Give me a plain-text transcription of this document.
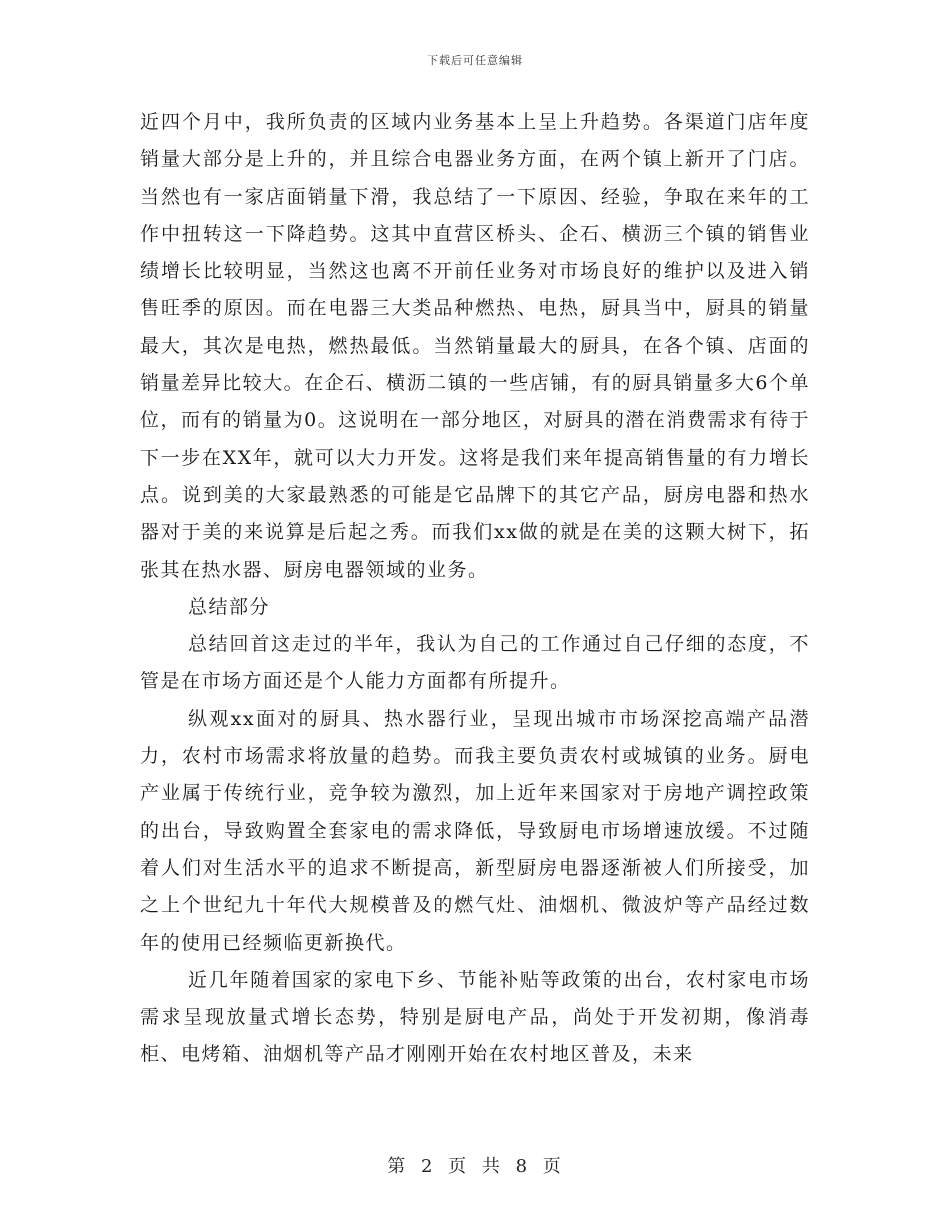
下载后可任意编辑

近四个月中，我所负责的区域内业务基本上呈上升趋势。各渠道门店年度销量大部分是上升的，并且综合电器业务方面，在两个镇上新开了门店。当然也有一家店面销量下滑，我总结了一下原因、经验，争取在来年的工作中扭转这一下降趋势。这其中直营区桥头、企石、横沥三个镇的销售业绩增长比较明显，当然这也离不开前任业务对市场良好的维护以及进入销售旺季的原因。而在电器三大类品种燃热、电热，厨具当中，厨具的销量最大，其次是电热，燃热最低。当然销量最大的厨具，在各个镇、店面的销量差异比较大。在企石、横沥二镇的一些店铺，有的厨具销量多大6个单位，而有的销量为0。这说明在一部分地区，对厨具的潜在消费需求有待于下一步在XX年，就可以大力开发。这将是我们来年提高销售量的有力增长点。说到美的大家最熟悉的可能是它品牌下的其它产品，厨房电器和热水器对于美的来说算是后起之秀。而我们xx做的就是在美的这颗大树下，拓张其在热水器、厨房电器领域的业务。

总结部分

总结回首这走过的半年，我认为自己的工作通过自己仔细的态度，不管是在市场方面还是个人能力方面都有所提升。

纵观xx面对的厨具、热水器行业，呈现出城市市场深挖高端产品潜力，农村市场需求将放量的趋势。而我主要负责农村或城镇的业务。厨电产业属于传统行业，竞争较为激烈，加上近年来国家对于房地产调控政策的出台，导致购置全套家电的需求降低，导致厨电市场增速放缓。不过随着人们对生活水平的追求不断提高，新型厨房电器逐渐被人们所接受，加之上个世纪九十年代大规模普及的燃气灶、油烟机、微波炉等产品经过数年的使用已经频临更新换代。

近几年随着国家的家电下乡、节能补贴等政策的出台，农村家电市场需求呈现放量式增长态势，特别是厨电产品，尚处于开发初期，像消毒柜、电烤箱、油烟机等产品才刚刚开始在农村地区普及，未来

第 2 页 共 8 页
